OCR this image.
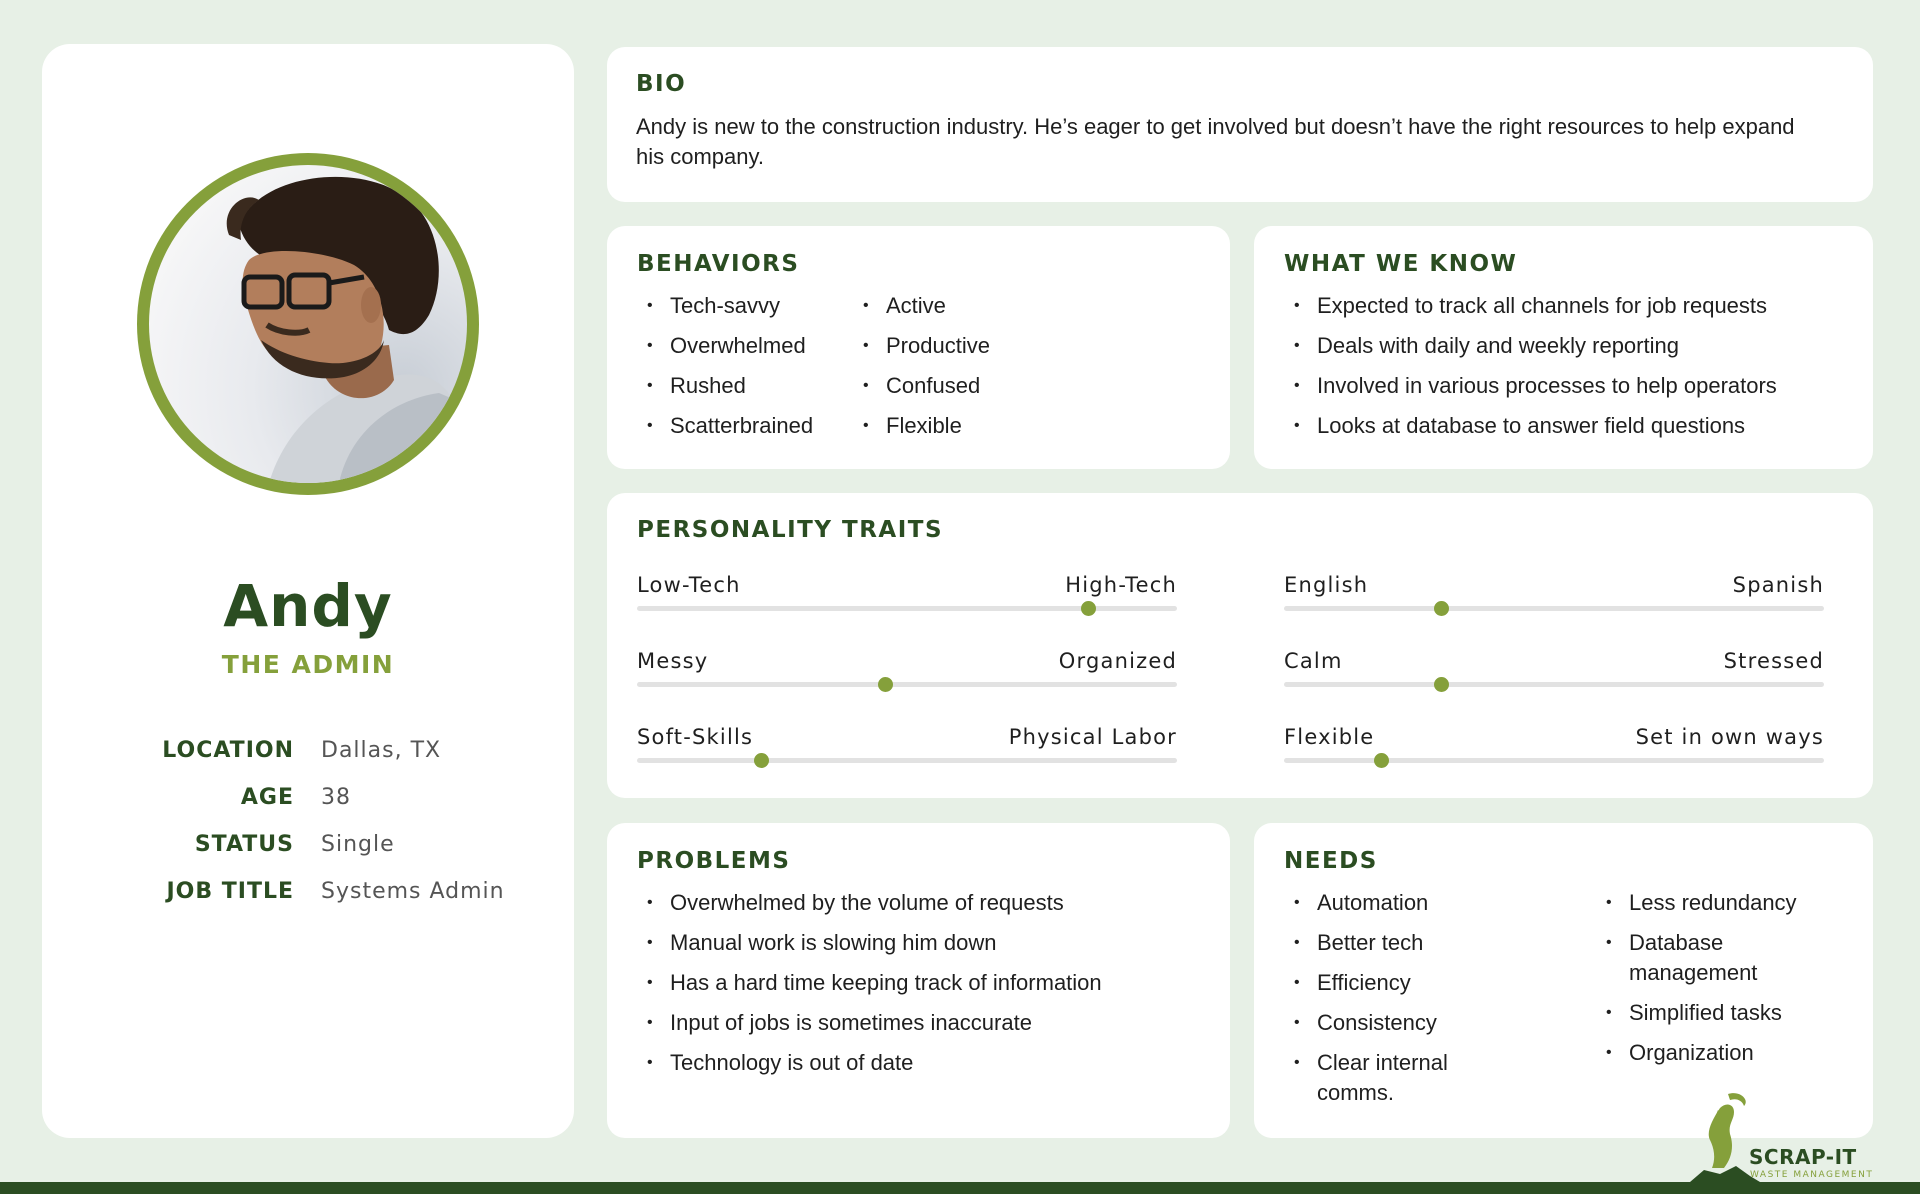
Andy
THE ADMIN
LOCATION Dallas, TX
AGE 38
STATUS Single
JOB TITLE Systems Admin
BIO
Andy is new to the construction industry. He’s eager to get involved but doesn’t have the right resources to help expand his company.
BEHAVIORS
• Tech-savvy
• Overwhelmed
• Rushed
• Scatterbrained
• Active
• Productive
• Confused
• Flexible
WHAT WE KNOW
• Expected to track all channels for job requests
• Deals with daily and weekly reporting
• Involved in various processes to help operators
• Looks at database to answer field questions
PERSONALITY TRAITS
Low-Tech	High-Tech	English	Spanish
Messy	Organized	Calm	Stressed
Soft-Skills	Physical Labor	Flexible	Set in own ways
PROBLEMS
• Overwhelmed by the volume of requests
• Manual work is slowing him down
• Has a hard time keeping track of information
• Input of jobs is sometimes inaccurate
• Technology is out of date
NEEDS
• Automation
• Better tech
• Efficiency
• Consistency
• Clear internal comms.
• Less redundancy
• Database management
• Simplified tasks
• Organization
SCRAP-IT
WASTE MANAGEMENT
